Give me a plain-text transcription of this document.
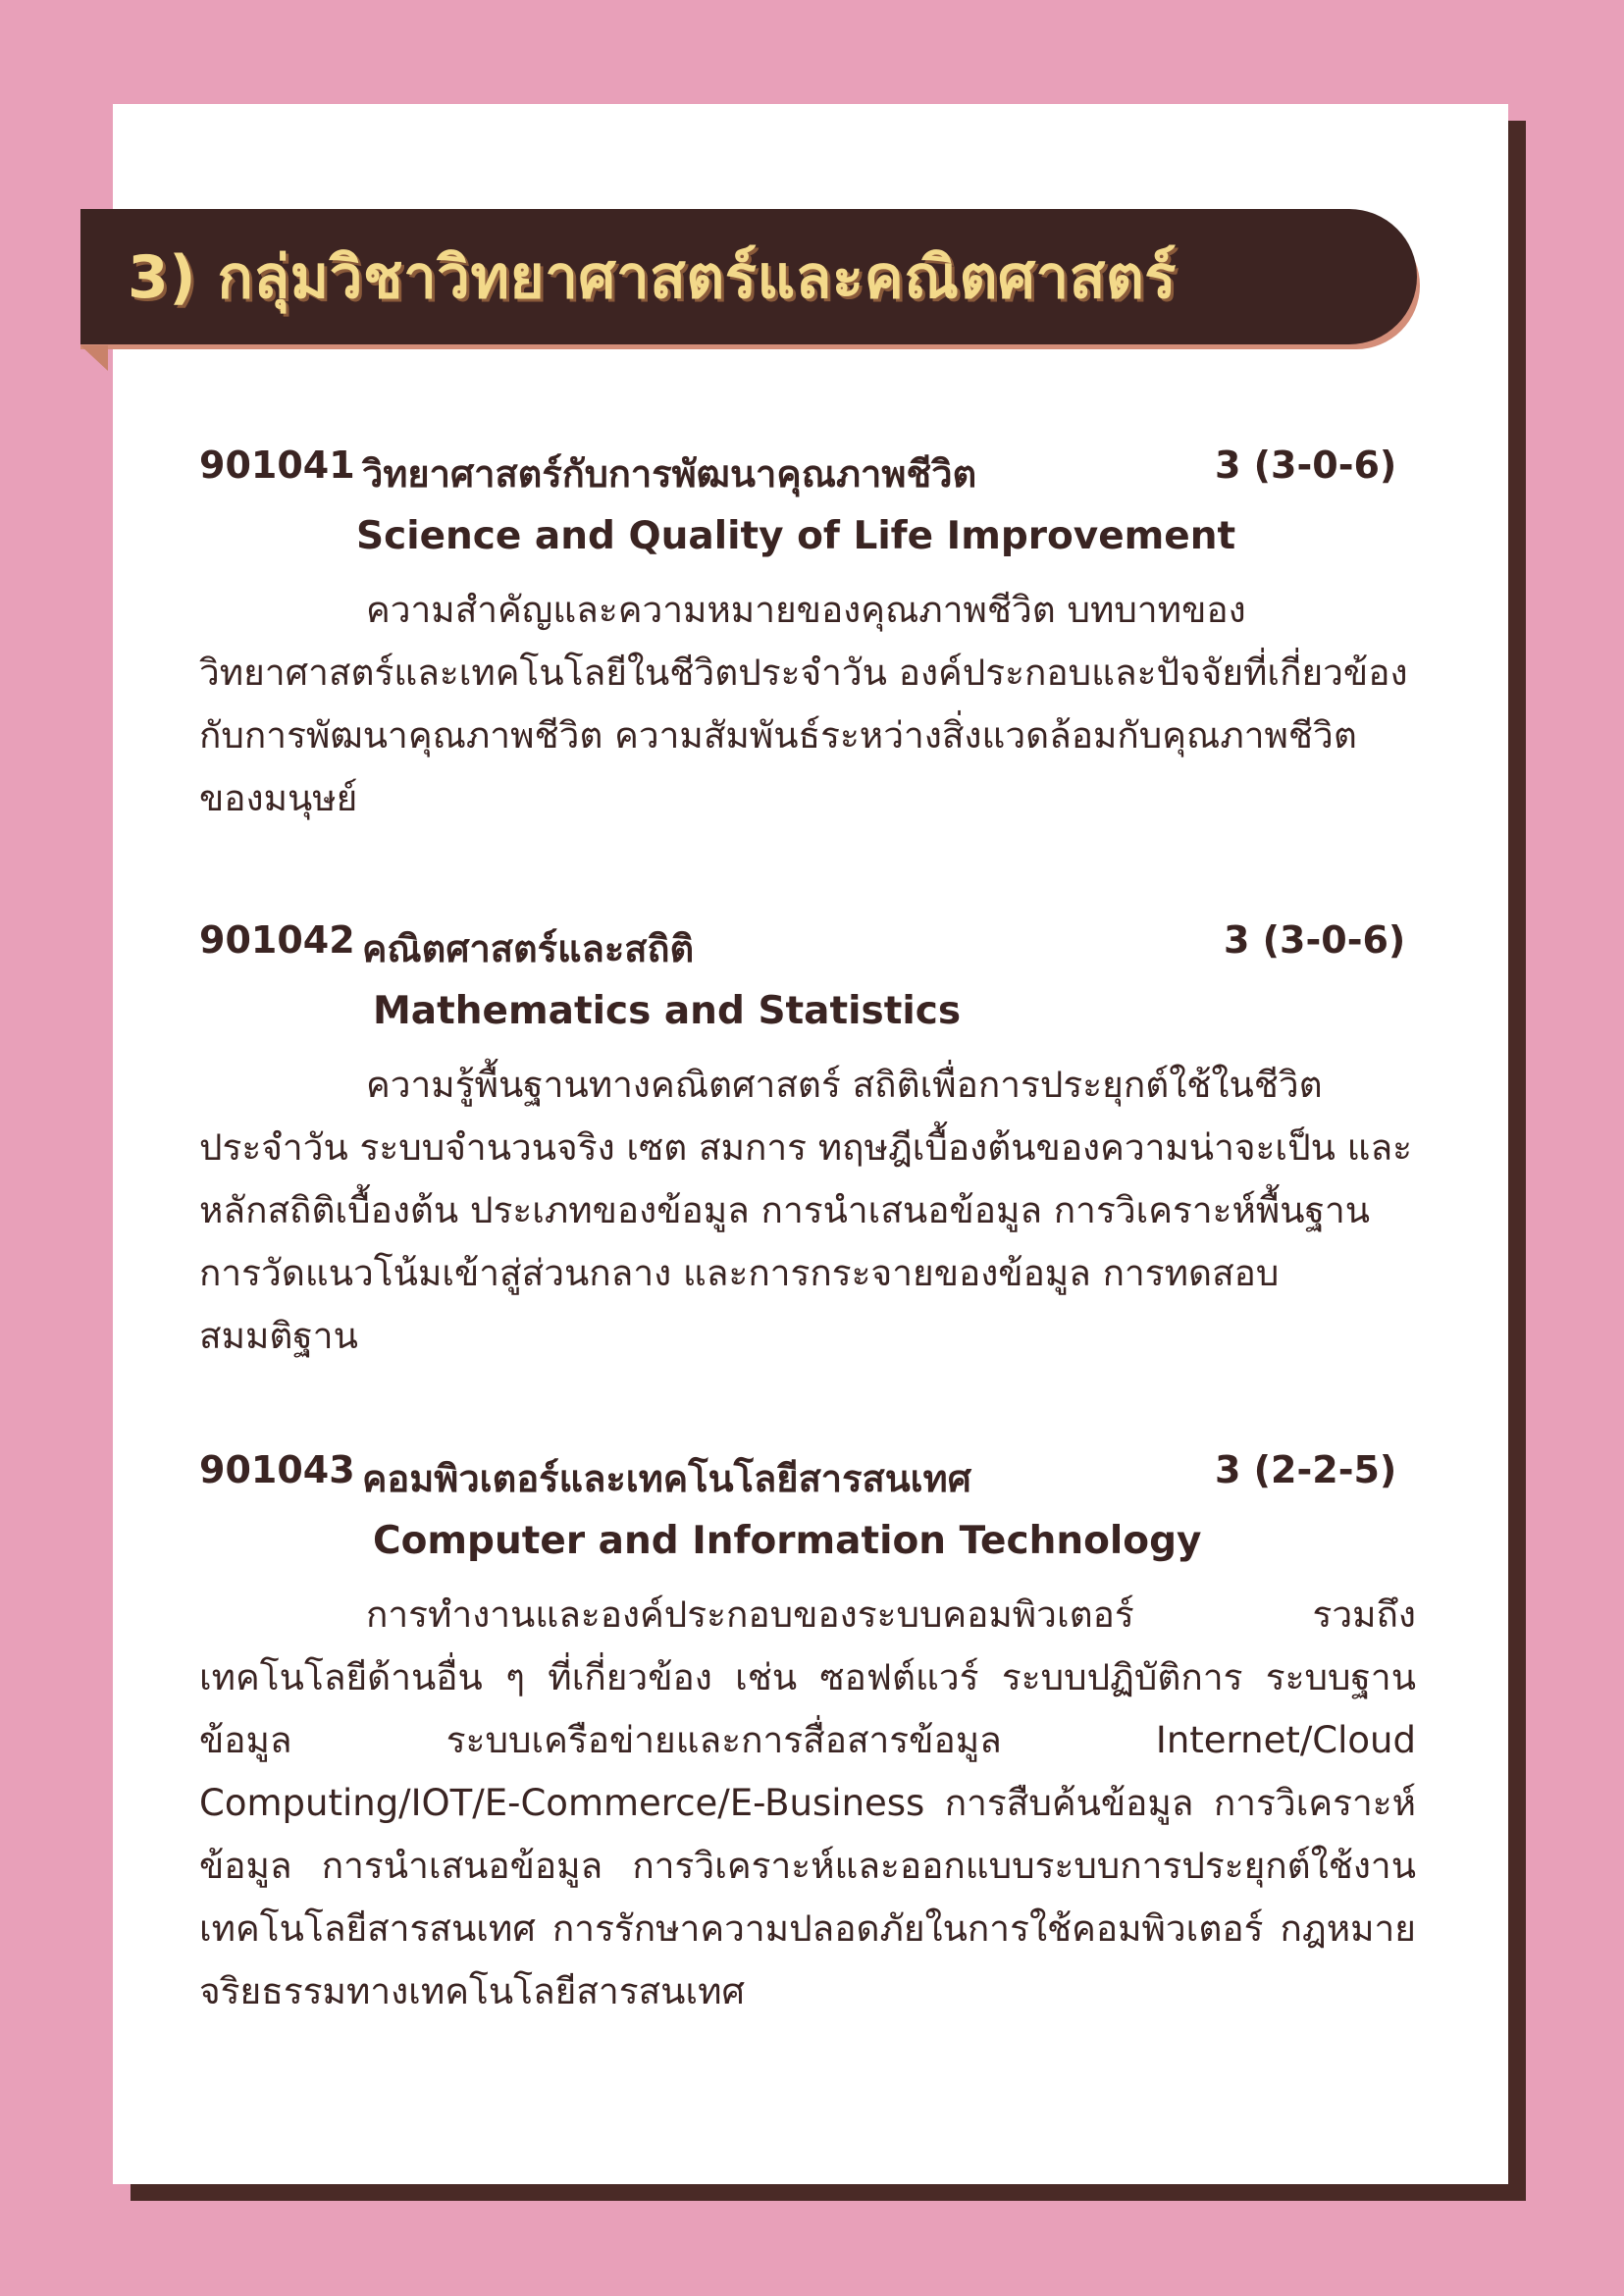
3) กลุ่มวิชาวิทยาศาสตร์และคณิตศาสตร์
901041 วิทยาศาสตร์กับการพัฒนาคุณภาพชีวิต	3 (3-0-6)
Science and Quality of Life Improvement
ความสำคัญและความหมายของคุณภาพชีวิต บทบาทของวิทยาศาสตร์และเทคโนโลยีในชีวิตประจำวัน องค์ประกอบและปัจจัยที่เกี่ยวข้องกับการพัฒนาคุณภาพชีวิต ความสัมพันธ์ระหว่างสิ่งแวดล้อมกับคุณภาพชีวิตของมนุษย์
901042 คณิตศาสตร์และสถิติ	3 (3-0-6)
Mathematics and Statistics
ความรู้พื้นฐานทางคณิตศาสตร์ สถิติเพื่อการประยุกต์ใช้ในชีวิตประจำวัน ระบบจำนวนจริง เซต สมการ ทฤษฎีเบื้องต้นของความน่าจะเป็น และ หลักสถิติเบื้องต้น ประเภทของข้อมูล การนำเสนอข้อมูล การวิเคราะห์พื้นฐาน การวัดแนวโน้มเข้าสู่ส่วนกลาง และการกระจายของข้อมูล การทดสอบสมมติฐาน
901043 คอมพิวเตอร์และเทคโนโลยีสารสนเทศ	3 (2-2-5)
Computer and Information Technology
การทำงานและองค์ประกอบของระบบคอมพิวเตอร์ รวมถึงเทคโนโลยีด้านอื่น ๆ ที่เกี่ยวข้อง เช่น ซอฟต์แวร์ ระบบปฏิบัติการ ระบบฐานข้อมูล ระบบเครือข่ายและการสื่อสารข้อมูล Internet/Cloud Computing/IOT/E-Commerce/E-Business การสืบค้นข้อมูล การวิเคราะห์ข้อมูล การนำเสนอข้อมูล การวิเคราะห์และออกแบบระบบการประยุกต์ใช้งานเทคโนโลยีสารสนเทศ การรักษาความปลอดภัยในการใช้คอมพิวเตอร์ กฎหมาย จริยธรรมทางเทคโนโลยีสารสนเทศ
